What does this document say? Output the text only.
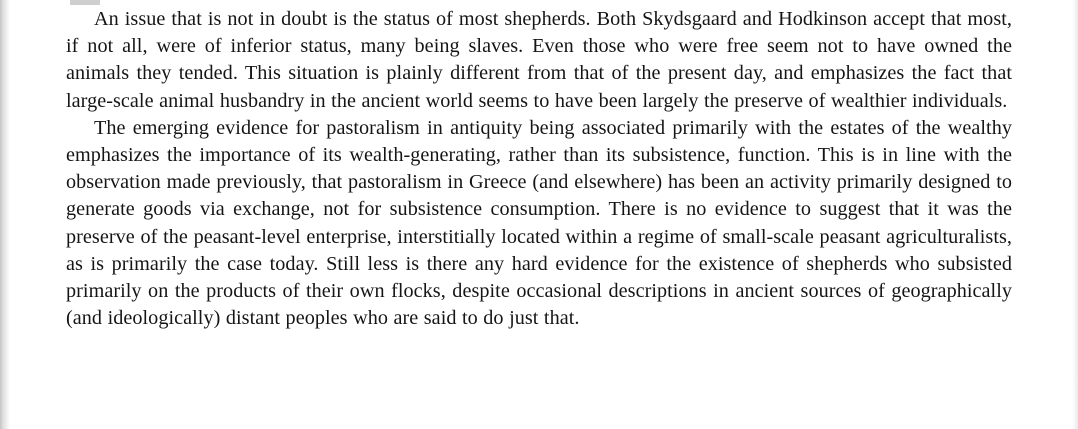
An issue that is not in doubt is the status of most shepherds. Both Skydsgaard and Hodkinson accept that most, if not all, were of inferior status, many being slaves. Even those who were free seem not to have owned the animals they tended. This situation is plainly different from that of the present day, and emphasizes the fact that large-scale animal husbandry in the ancient world seems to have been largely the preserve of wealthier individuals.

The emerging evidence for pastoralism in antiquity being associated primarily with the estates of the wealthy emphasizes the importance of its wealth-generating, rather than its subsistence, function. This is in line with the observation made previously, that pastoralism in Greece (and elsewhere) has been an activity primarily designed to generate goods via exchange, not for subsistence consumption. There is no evidence to suggest that it was the preserve of the peasant-level enterprise, interstitially located within a regime of small-scale peasant agriculturalists, as is primarily the case today. Still less is there any hard evidence for the existence of shepherds who subsisted primarily on the products of their own flocks, despite occasional descriptions in ancient sources of geographically (and ideologically) distant peoples who are said to do just that.
